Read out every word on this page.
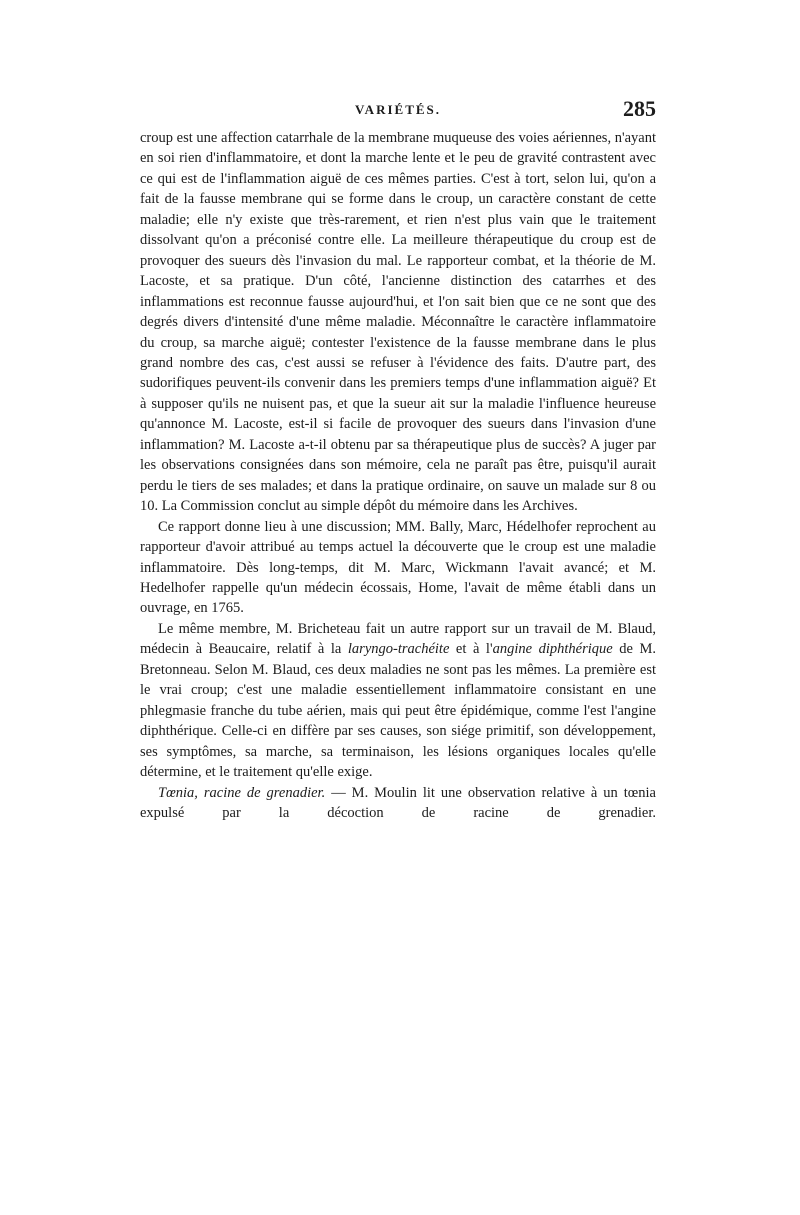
VARIÉTÉS.	285

croup est une affection catarrhale de la membrane muqueuse des voies aériennes, n'ayant en soi rien d'inflammatoire, et dont la marche lente et le peu de gravité contrastent avec ce qui est de l'inflammation aiguë de ces mêmes parties. C'est à tort, selon lui, qu'on a fait de la fausse membrane qui se forme dans le croup, un caractère constant de cette maladie; elle n'y existe que très-rarement, et rien n'est plus vain que le traitement dissolvant qu'on a préconisé contre elle. La meilleure thérapeutique du croup est de provoquer des sueurs dès l'invasion du mal. Le rapporteur combat, et la théorie de M. Lacoste, et sa pratique. D'un côté, l'ancienne distinction des catarrhes et des inflammations est reconnue fausse aujourd'hui, et l'on sait bien que ce ne sont que des degrés divers d'intensité d'une même maladie. Méconnaître le caractère inflammatoire du croup, sa marche aiguë; contester l'existence de la fausse membrane dans le plus grand nombre des cas, c'est aussi se refuser à l'évidence des faits. D'autre part, des sudorifiques peuvent-ils convenir dans les premiers temps d'une inflammation aiguë? Et à supposer qu'ils ne nuisent pas, et que la sueur ait sur la maladie l'influence heureuse qu'annonce M. Lacoste, est-il si facile de provoquer des sueurs dans l'invasion d'une inflammation? M. Lacoste a-t-il obtenu par sa thérapeutique plus de succès? A juger par les observations consignées dans son mémoire, cela ne paraît pas être, puisqu'il aurait perdu le tiers de ses malades; et dans la pratique ordinaire, on sauve un malade sur 8 ou 10. La Commission conclut au simple dépôt du mémoire dans les Archives.

Ce rapport donne lieu à une discussion; MM. Bally, Marc, Hédelhofer reprochent au rapporteur d'avoir attribué au temps actuel la découverte que le croup est une maladie inflammatoire. Dès long-temps, dit M. Marc, Wickmann l'avait avancé; et M. Hedelhofer rappelle qu'un médecin écossais, Home, l'avait de même établi dans un ouvrage, en 1765.

Le même membre, M. Bricheteau fait un autre rapport sur un travail de M. Blaud, médecin à Beaucaire, relatif à la laryngo-trachéite et à l'angine diphthérique de M. Bretonneau. Selon M. Blaud, ces deux maladies ne sont pas les mêmes. La première est le vrai croup; c'est une maladie essentiellement inflammatoire consistant en une phlegmasie franche du tube aérien, mais qui peut être épidémique, comme l'est l'angine diphthérique. Celle-ci en diffère par ses causes, son siége primitif, son développement, ses symptômes, sa marche, sa terminaison, les lésions organiques locales qu'elle détermine, et le traitement qu'elle exige.

Tœnia, racine de grenadier. — M. Moulin lit une observation relative à un tœnia expulsé par la décoction de racine de grenadier.
